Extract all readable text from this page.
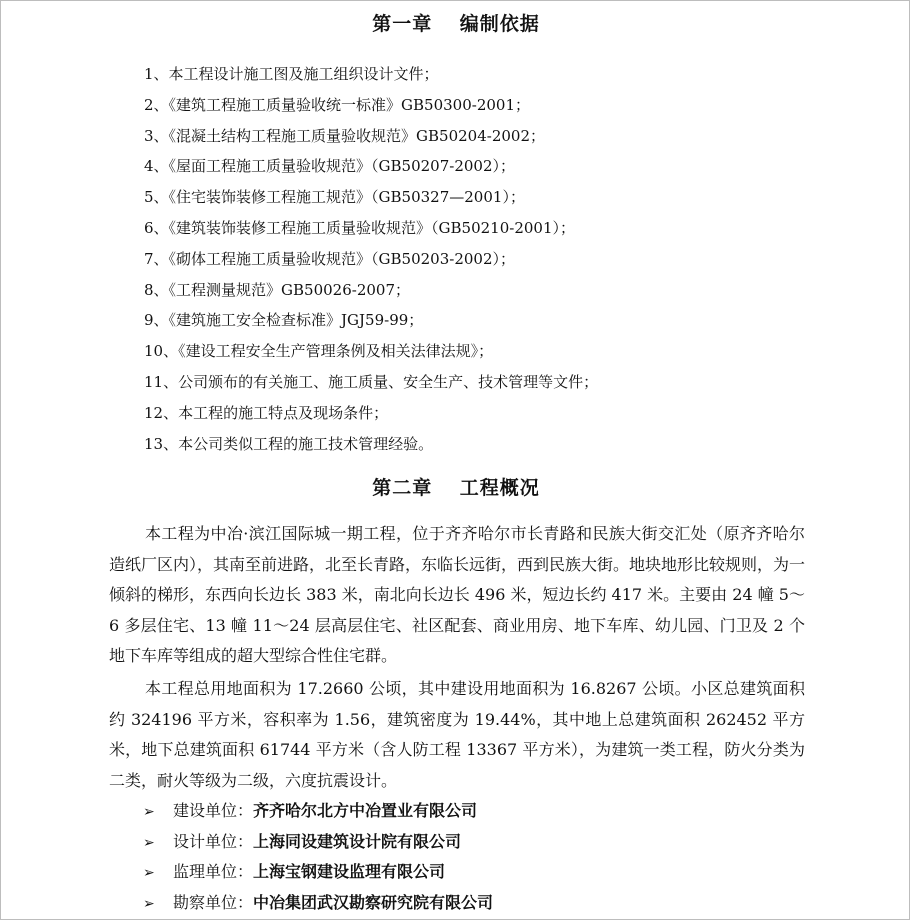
第一章　 编制依据
1、本工程设计施工图及施工组织设计文件；
2、《建筑工程施工质量验收统一标准》GB50300-2001；
3、《混凝土结构工程施工质量验收规范》GB50204-2002；
4、《屋面工程施工质量验收规范》（GB50207-2002）；
5、《住宅装饰装修工程施工规范》（GB50327—2001）；
6、《建筑装饰装修工程施工质量验收规范》（GB50210-2001）；
7、《砌体工程施工质量验收规范》（GB50203-2002）；
8、《工程测量规范》GB50026-2007；
9、《建筑施工安全检查标准》JGJ59-99；
10、《建设工程安全生产管理条例及相关法律法规》；
11、公司颁布的有关施工、施工质量、安全生产、技术管理等文件；
12、本工程的施工特点及现场条件；
13、本公司类似工程的施工技术管理经验。
第二章　 工程概况

本工程为中冶·滨江国际城一期工程，位于齐齐哈尔市长青路和民族大街交汇处（原齐齐哈尔造纸厂区内），其南至前进路，北至长青路，东临长远街，西到民族大街。地块地形比较规则，为一倾斜的梯形，东西向长边长 383 米，南北向长边长 496 米，短边长约 417 米。主要由 24 幢 5～6 多层住宅、13 幢 11～24 层高层住宅、社区配套、商业用房、地下车库、幼儿园、门卫及 2 个地下车库等组成的超大型综合性住宅群。

本工程总用地面积为 17.2660 公顷，其中建设用地面积为 16.8267 公顷。小区总建筑面积约 324196 平方米，容积率为 1.56，建筑密度为 19.44%，其中地上总建筑面积 262452 平方米，地下总建筑面积 61744 平方米（含人防工程 13367 平方米），为建筑一类工程，防火分类为二类，耐火等级为二级，六度抗震设计。

➢ 建设单位：齐齐哈尔北方中冶置业有限公司
➢ 设计单位：上海同设建筑设计院有限公司
➢ 监理单位：上海宝钢建设监理有限公司
➢ 勘察单位：中冶集团武汉勘察研究院有限公司
